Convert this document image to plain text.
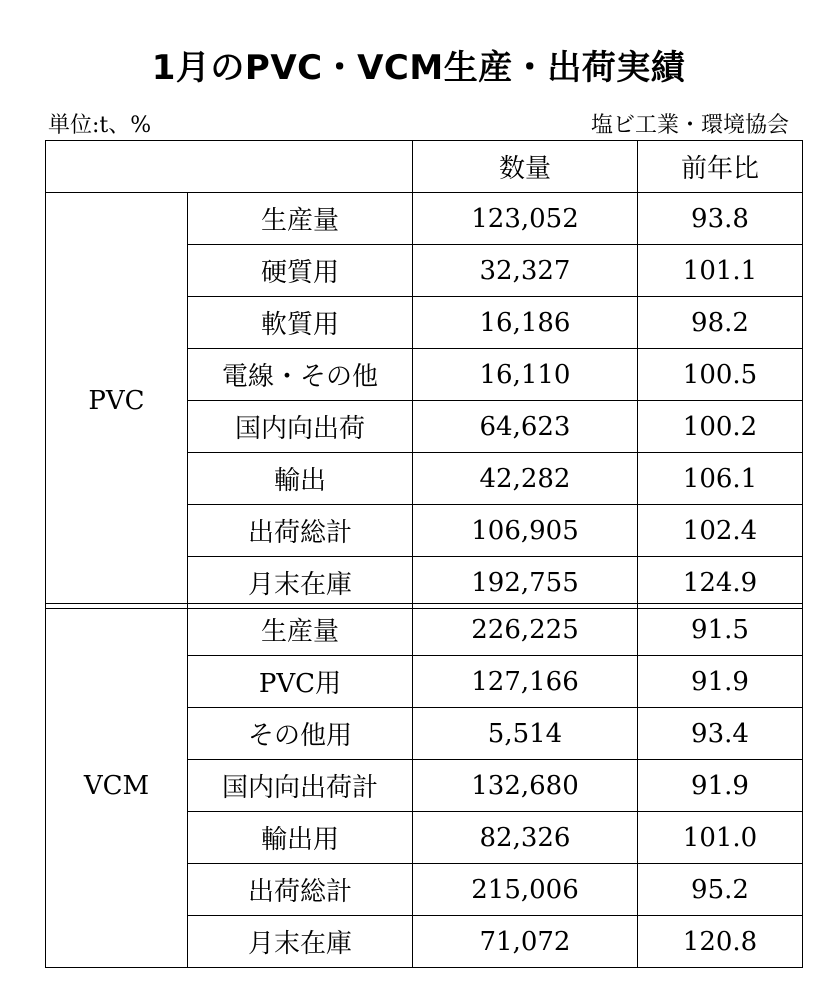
1月のPVC・VCM生産・出荷実績
単位:t、%	塩ビ工業・環境協会
		数量	前年比
PVC	生産量	123,052	93.8
	硬質用	32,327	101.1
	軟質用	16,186	98.2
	電線・その他	16,110	100.5
	国内向出荷	64,623	100.2
	輸出	42,282	106.1
	出荷総計	106,905	102.4
	月末在庫	192,755	124.9
VCM	生産量	226,225	91.5
	PVC用	127,166	91.9
	その他用	5,514	93.4
	国内向出荷計	132,680	91.9
	輸出用	82,326	101.0
	出荷総計	215,006	95.2
	月末在庫	71,072	120.8
